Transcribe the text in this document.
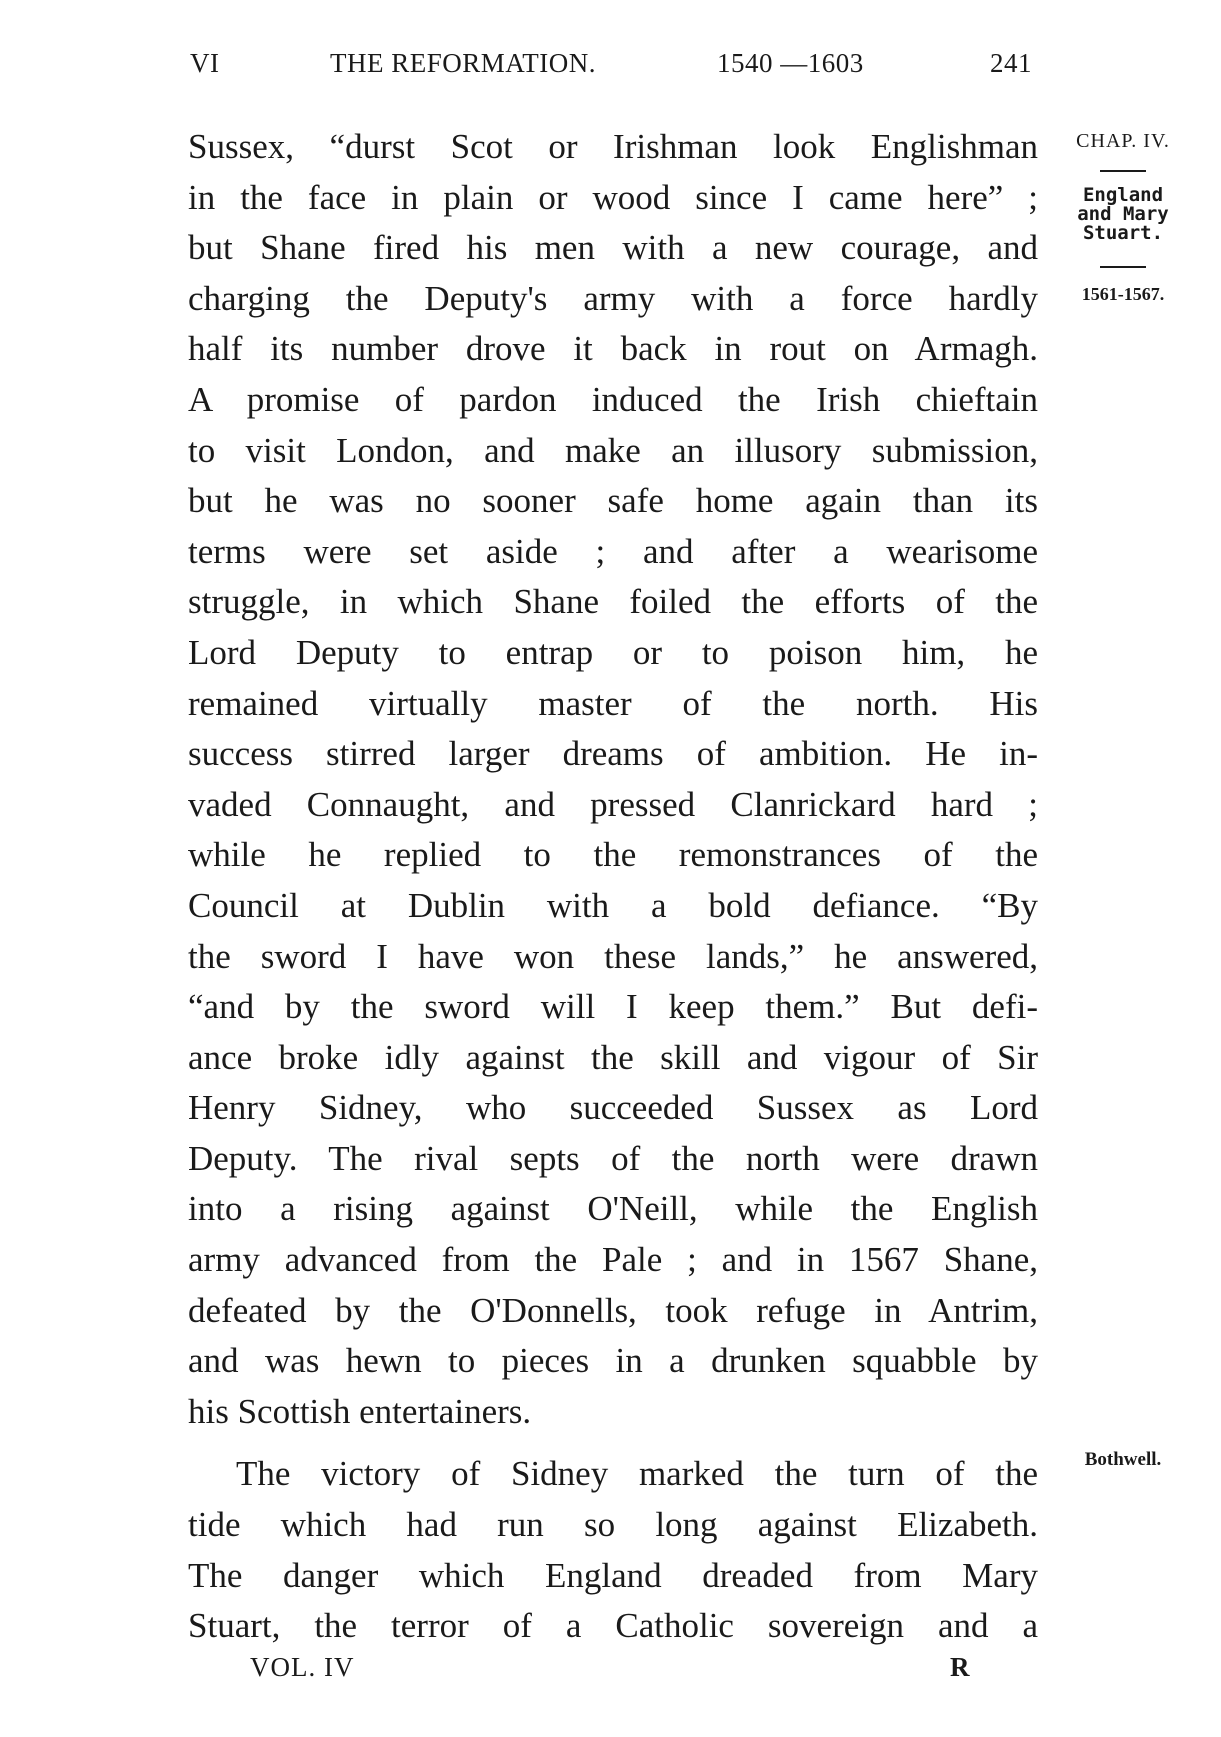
VI	THE REFORMATION.	1540 —1603	241
CHAP. IV.
England
and Mary
Stuart.
1561-1567.
Bothwell.
Sussex, “durst Scot or Irishman look Englishman
in the face in plain or wood since I came here” ;
but Shane fired his men with a new courage, and
charging the Deputy's army with a force hardly
half its number drove it back in rout on Armagh.
A promise of pardon induced the Irish chieftain
to visit London, and make an illusory submission,
but he was no sooner safe home again than its
terms were set aside ; and after a wearisome
struggle, in which Shane foiled the efforts of the
Lord Deputy to entrap or to poison him, he
remained virtually master of the north. His
success stirred larger dreams of ambition. He in-
vaded Connaught, and pressed Clanrickard hard ;
while he replied to the remonstrances of the
Council at Dublin with a bold defiance. “By
the sword I have won these lands,” he answered,
“and by the sword will I keep them.” But defi-
ance broke idly against the skill and vigour of Sir
Henry Sidney, who succeeded Sussex as Lord
Deputy. The rival septs of the north were drawn
into a rising against O'Neill, while the English
army advanced from the Pale ; and in 1567 Shane,
defeated by the O'Donnells, took refuge in Antrim,
and was hewn to pieces in a drunken squabble by
his Scottish entertainers.
The victory of Sidney marked the turn of the
tide which had run so long against Elizabeth.
The danger which England dreaded from Mary
Stuart, the terror of a Catholic sovereign and a
VOL. IV	R
